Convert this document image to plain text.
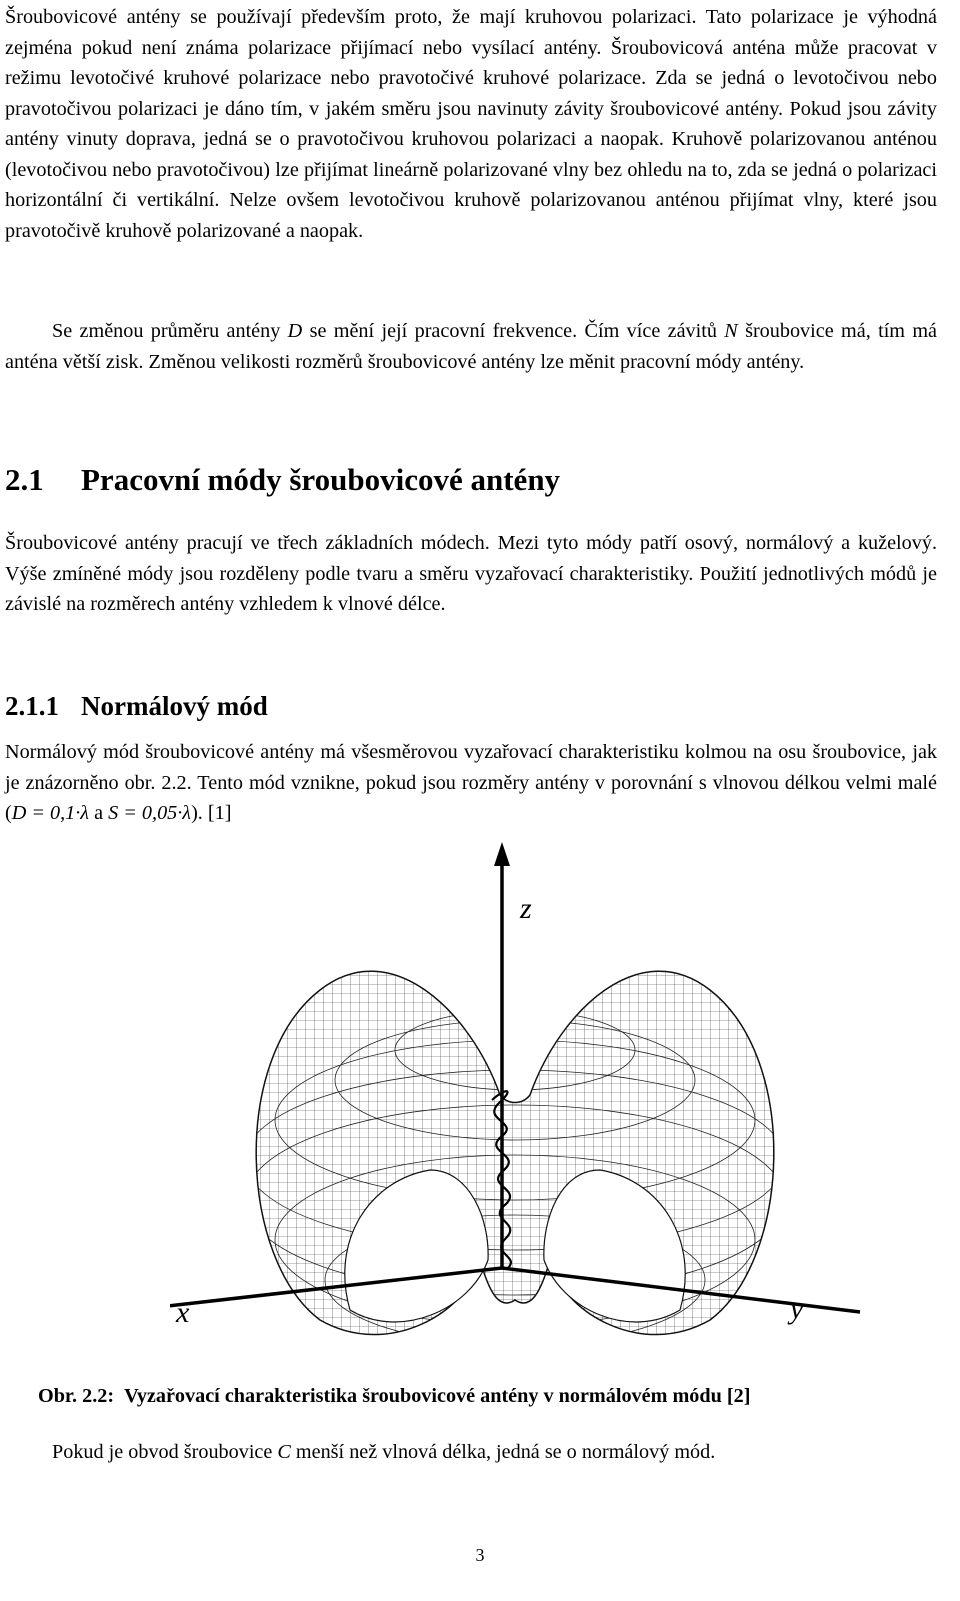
Šroubovicové antény se používají především proto, že mají kruhovou polarizaci. Tato polarizace je výhodná zejména pokud není známa polarizace přijímací nebo vysílací antény. Šroubovicová anténa může pracovat v režimu levotočivé kruhové polarizace nebo pravotočivé kruhové polarizace. Zda se jedná o levotočivou nebo pravotočivou polarizaci je dáno tím, v jakém směru jsou navinuty závity šroubovicové antény. Pokud jsou závity antény vinuty doprava, jedná se o pravotočivou kruhovou polarizaci a naopak. Kruhově polarizovanou anténou (levotočivou nebo pravotočivou) lze přijímat lineárně polarizované vlny bez ohledu na to, zda se jedná o polarizaci horizontální či vertikální. Nelze ovšem levotočivou kruhově polarizovanou anténou přijímat vlny, které jsou pravotočivě kruhově polarizované a naopak.

Se změnou průměru antény D se mění její pracovní frekvence. Čím více závitů N šroubovice má, tím má anténa větší zisk. Změnou velikosti rozměrů šroubovicové antény lze měnit pracovní módy antény.

2.1 Pracovní módy šroubovicové antény

Šroubovicové antény pracují ve třech základních módech. Mezi tyto módy patří osový, normálový a kuželový. Výše zmíněné módy jsou rozděleny podle tvaru a směru vyzařovací charakteristiky. Použití jednotlivých módů je závislé na rozměrech antény vzhledem k vlnové délce.

2.1.1 Normálový mód

Normálový mód šroubovicové antény má všesměrovou vyzařovací charakteristiku kolmou na osu šroubovice, jak je znázorněno obr. 2.2. Tento mód vznikne, pokud jsou rozměry antény v porovnání s vlnovou délkou velmi malé (D = 0,1·λ a S = 0,05·λ). [1]

z
x	y
Obr. 2.2: Vyzařovací charakteristika šroubovicové antény v normálovém módu [2]

Pokud je obvod šroubovice C menší než vlnová délka, jedná se o normálový mód.

3
